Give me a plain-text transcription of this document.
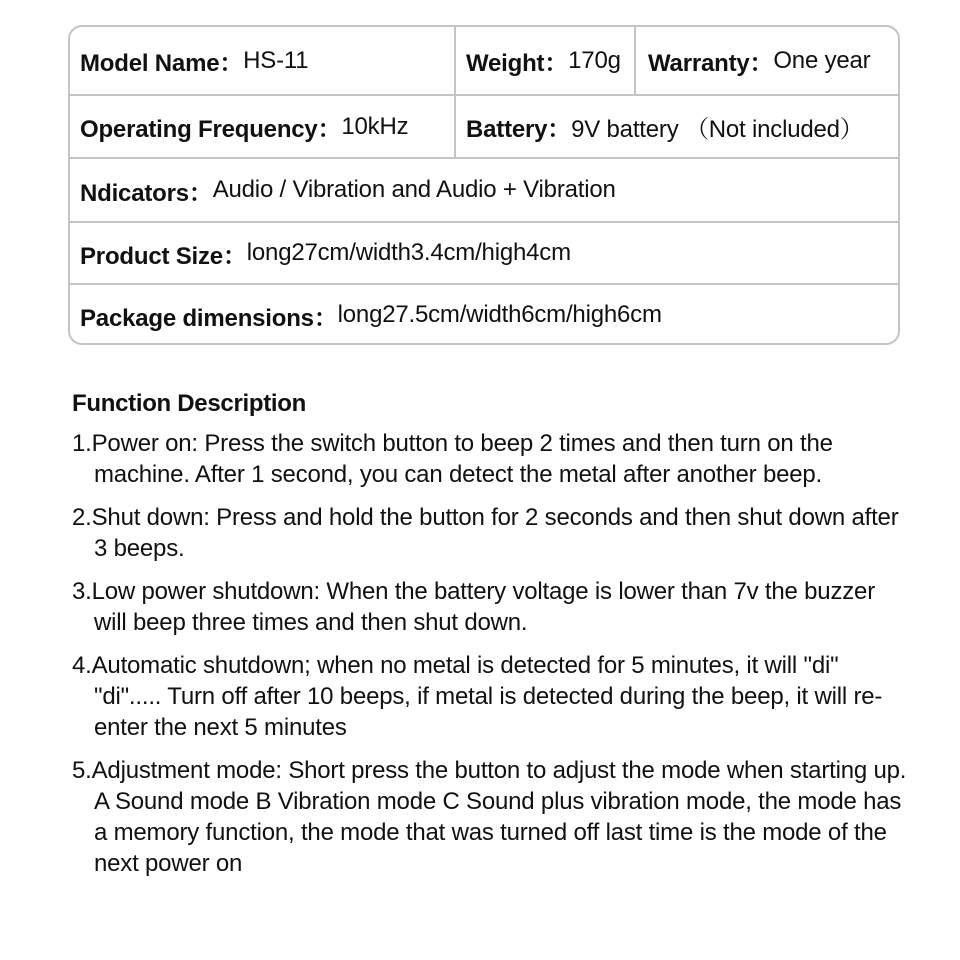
Model Name： HS-11	Weight： 170g Warranty： One year
Operating Frequency： 10kHz Battery： 9V battery （Not included）
Ndicators： Audio / Vibration and Audio + Vibration
Product Size： long27cm/width3.4cm/high4cm
Package dimensions： long27.5cm/width6cm/high6cm
Function Description
1.Power on: Press the switch button to beep 2 times and then turn on the machine. After 1 second, you can detect the metal after another beep.
2.Shut down: Press and hold the button for 2 seconds and then shut down after 3 beeps.
3.Low power shutdown: When the battery voltage is lower than 7v the buzzer will beep three times and then shut down.
4.Automatic shutdown; when no metal is detected for 5 minutes, it will "di" "di"..... Turn off after 10 beeps, if metal is detected during the beep, it will re-enter the next 5 minutes
5.Adjustment mode: Short press the button to adjust the mode when starting up. A Sound mode B Vibration mode C Sound plus vibration mode, the mode has a memory function, the mode that was turned off last time is the mode of the next power on
